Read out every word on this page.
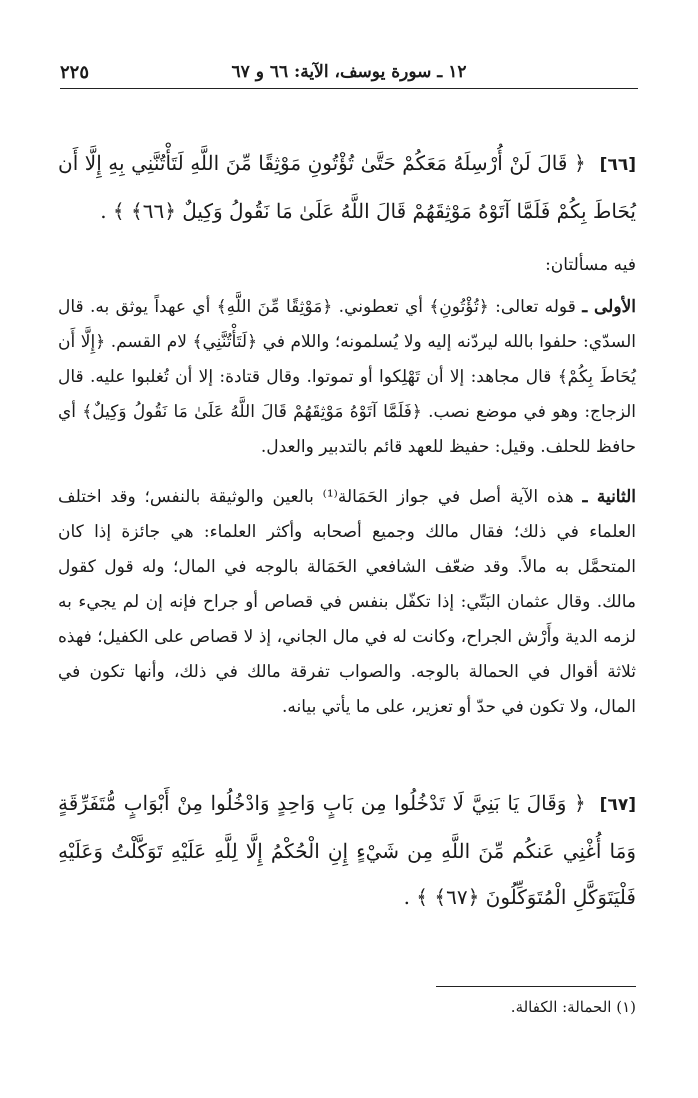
١٢ ـ سورة يوسف، الآية: ٦٦ و ٦٧
٢٢٥
[٦٦]﴿ قَالَ لَنْ أُرْسِلَهُ مَعَكُمْ حَتَّىٰ تُؤْتُونِ مَوْثِقًا مِّنَ اللَّهِ لَتَأْتُنَّنِي بِهِ إِلَّا أَن يُحَاطَ بِكُمْ فَلَمَّا آتَوْهُ مَوْثِقَهُمْ قَالَ اللَّهُ عَلَىٰ مَا نَقُولُ وَكِيلٌ ﴿٦٦﴾ ﴾ .

فيه مسألتان:

الأولى ـ قوله تعالى: ﴿تُؤْتُونِ﴾ أي تعطوني. ﴿مَوْثِقًا مِّنَ اللَّهِ﴾ أي عهداً يوثق به. قال السدّي: حلفوا بالله ليردّنه إليه ولا يُسلمونه؛ واللام في ﴿لَتَأْتُنَّنِي﴾ لام القسم. ﴿إِلَّا أَن يُحَاطَ بِكُمْ﴾ قال مجاهد: إلا أن تَهْلِكوا أو تموتوا. وقال قتادة: إلا أن تُغلبوا عليه. قال الزجاج: وهو في موضع نصب. ﴿فَلَمَّا آتَوْهُ مَوْثِقَهُمْ قَالَ اللَّهُ عَلَىٰ مَا نَقُولُ وَكِيلٌ﴾ أي حافظ للحلف. وقيل: حفيظ للعهد قائم بالتدبير والعدل.

الثانية ـ هذه الآية أصل في جواز الحَمَالة⁽¹⁾ بالعين والوثيقة بالنفس؛ وقد اختلف العلماء في ذلك؛ فقال مالك وجميع أصحابه وأكثر العلماء: هي جائزة إذا كان المتحمَّل به مالاً. وقد ضعّف الشافعي الحَمَالة بالوجه في المال؛ وله قول كقول مالك. وقال عثمان البَتّي: إذا تكفّل بنفس في قصاص أو جراح فإنه إن لم يجيء به لزمه الدية وأَرْش الجراح، وكانت له في مال الجاني، إذ لا قصاص على الكفيل؛ فهذه ثلاثة أقوال في الحمالة بالوجه. والصواب تفرقة مالك في ذلك، وأنها تكون في المال، ولا تكون في حدّ أو تعزير، على ما يأتي بيانه.

[٦٧]﴿ وَقَالَ يَا بَنِيَّ لَا تَدْخُلُوا مِن بَابٍ وَاحِدٍ وَادْخُلُوا مِنْ أَبْوَابٍ مُّتَفَرِّقَةٍ وَمَا أُغْنِي عَنكُم مِّنَ اللَّهِ مِن شَيْءٍ إِنِ الْحُكْمُ إِلَّا لِلَّهِ عَلَيْهِ تَوَكَّلْتُ وَعَلَيْهِ فَلْيَتَوَكَّلِ الْمُتَوَكِّلُونَ ﴿٦٧﴾ ﴾ .

(١) الحمالة: الكفالة.
